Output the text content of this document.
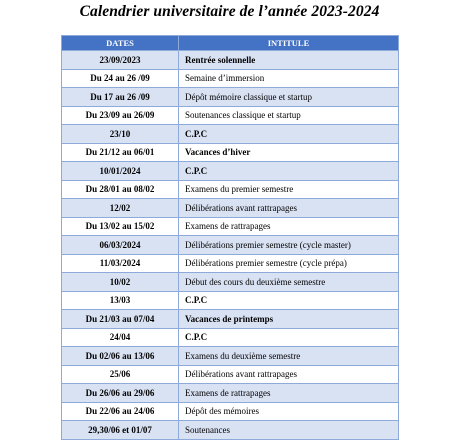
Calendrier universitaire de l’année 2023-2024
DATES	INTITULE
23/09/2023	Rentrée solennelle
Du 24 au 26 /09	Semaine d’immersion
Du 17 au 26 /09	Dépôt mémoire classique et startup
Du 23/09 au 26/09	Soutenances classique et startup
23/10	C.P.C
Du 21/12 au 06/01	Vacances d’hiver
10/01/2024	C.P.C
Du 28/01 au 08/02	Examens du premier semestre
12/02	Délibérations avant rattrapages
Du 13/02 au 15/02	Examens de rattrapages
06/03/2024	Délibérations premier semestre (cycle master)
11/03/2024	Délibérations premier semestre (cycle prépa)
10/02	Début des cours du deuxième semestre
13/03	C.P.C
Du 21/03 au 07/04	Vacances de printemps
24/04	C.P.C
Du 02/06 au 13/06	Examens du deuxième semestre
25/06	Délibérations avant rattrapages
Du 26/06 au 29/06	Examens de rattrapages
Du 22/06 au 24/06	Dépôt des mémoires
29,30/06 et 01/07	Soutenances
